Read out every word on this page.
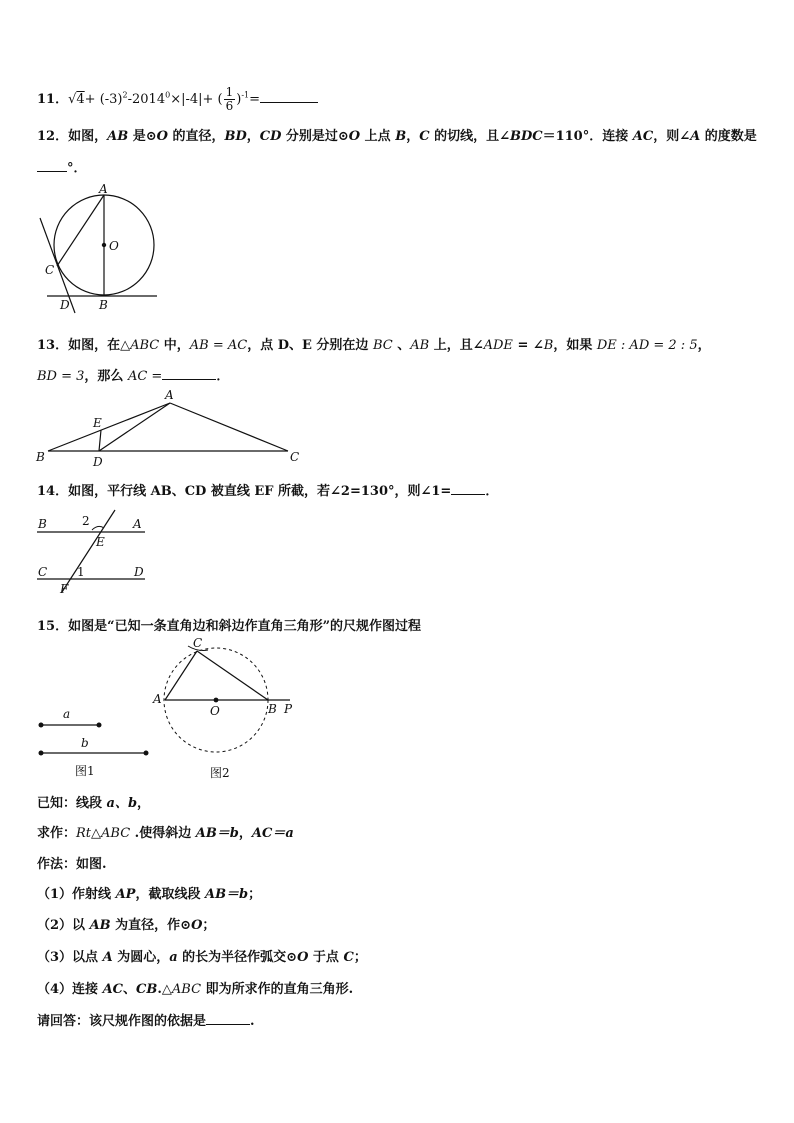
11．$√4+ (-3)^2-2014^0\times|-4|+$ ( $\frac{1}{6} )^{-1}=$
12．如图，AB 是⊙O 的直径，BD，CD 分别是过⊙O 上点 B，C 的切线，且∠BDC＝110°．连接 AC，则∠A 的度数是
°．
A
O
C
D B
A
E
B	D	C
B	2	A
E
C 1	D
F
a
b
图1
C
A
O	B P
图2
13．如图，在△ABC 中，AB = AC，点 D、E 分别在边 BC 、AB 上，且∠ADE = ∠B，如果 DE : AD = 2 : 5，
BD = 3，那么 AC =	．
14．如图，平行线 AB、CD 被直线 EF 所截，若∠2=130°，则∠1=	．
15．如图是“已知一条直角边和斜边作直角三角形”的尺规作图过程
已知：线段 a、b，
求作：Rt△ABC .使得斜边 AB＝b，AC＝a
作法：如图.
（1）作射线 AP，截取线段 AB＝b；
（2）以 AB 为直径，作⊙O；
（3）以点 A 为圆心，a 的长为半径作弧交⊙O 于点 C；
（4）连接 AC、CB.△ABC 即为所求作的直角三角形.
请回答：该尺规作图的依据是	.
